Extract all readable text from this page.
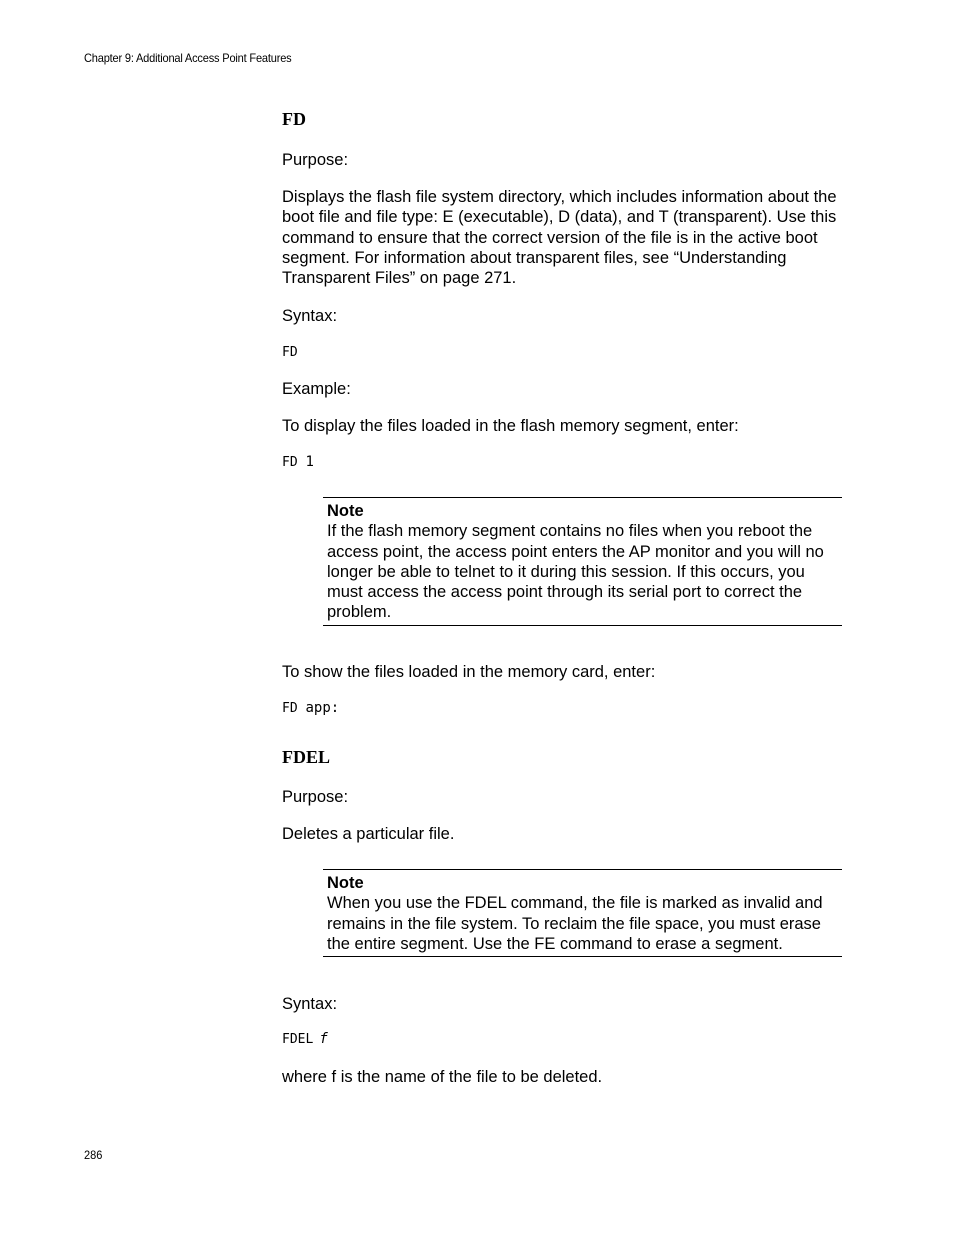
Chapter 9: Additional Access Point Features
FD
Purpose:
Displays the flash file system directory, which includes information about the boot file and file type: E (executable), D (data), and T (transparent). Use this command to ensure that the correct version of the file is in the active boot segment. For information about transparent files, see “Understanding Transparent Files” on page 271.
Syntax:
FD
Example:
To display the files loaded in the flash memory segment, enter:
FD 1
Note
If the flash memory segment contains no files when you reboot the access point, the access point enters the AP monitor and you will no longer be able to telnet to it during this session. If this occurs, you must access the access point through its serial port to correct the problem.
To show the files loaded in the memory card, enter:
FD app:
FDEL
Purpose:
Deletes a particular file.
Note
When you use the FDEL command, the file is marked as invalid and remains in the file system. To reclaim the file space, you must erase the entire segment. Use the FE command to erase a segment.
Syntax:
FDEL f
where f is the name of the file to be deleted.
286
